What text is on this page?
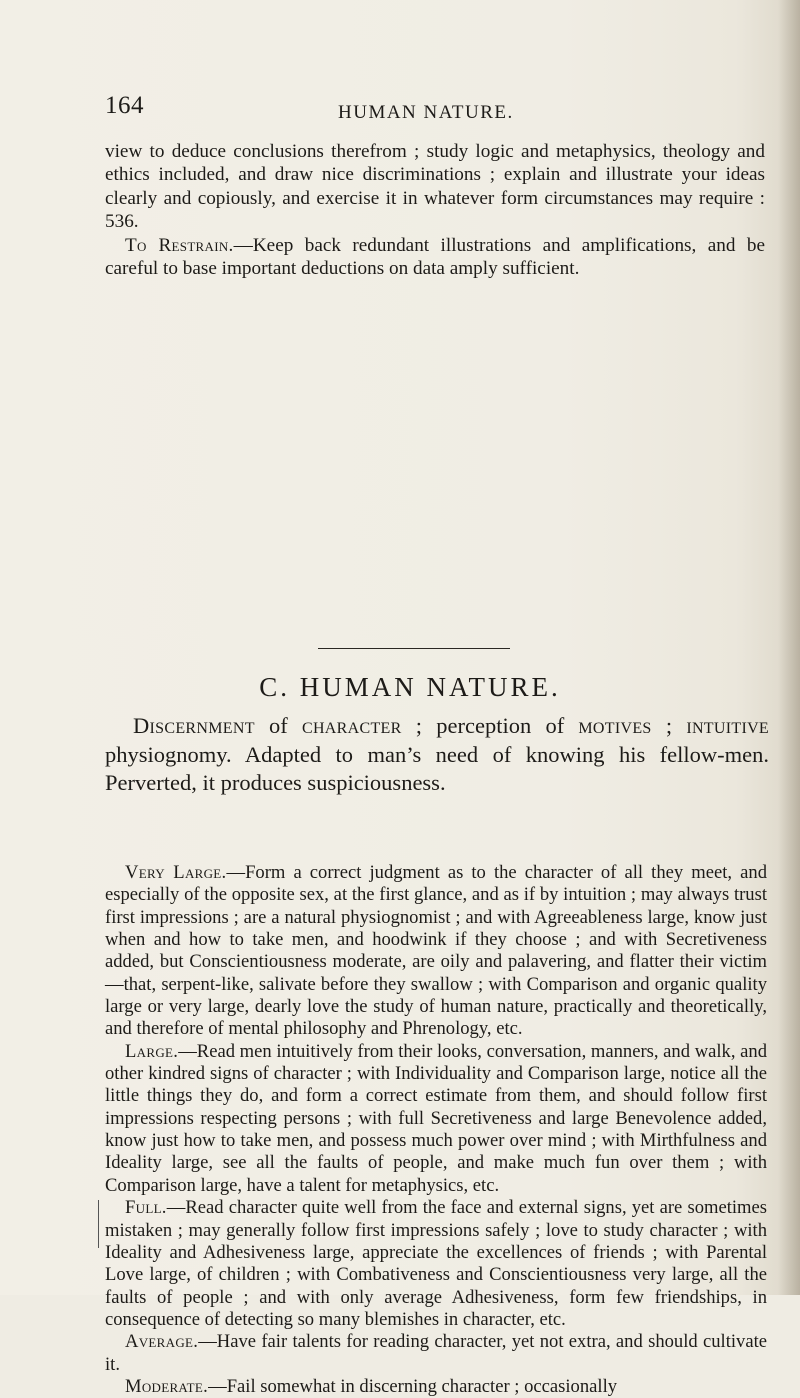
164	HUMAN NATURE.

view to deduce conclusions therefrom ; study logic and metaphysics, theology and ethics included, and draw nice discriminations ; explain and illustrate your ideas clearly and copiously, and exercise it in whatever form circumstances may require : 536.

To Restrain.—Keep back redundant illustrations and amplifications, and be careful to base important deductions on data amply sufficient.

C. HUMAN NATURE.

Discernment of character ; perception of motives ; intuitive physiognomy. Adapted to man’s need of knowing his fellow-men. Perverted, it produces suspiciousness.

Very Large.—Form a correct judgment as to the character of all they meet, and especially of the opposite sex, at the first glance, and as if by intuition ; may always trust first impressions ; are a natural physiognomist ; and with Agreeableness large, know just when and how to take men, and hoodwink if they choose ; and with Secretiveness added, but Conscientiousness moderate, are oily and palavering, and flatter their victim—that, serpent-like, salivate before they swallow ; with Comparison and organic quality large or very large, dearly love the study of human nature, practically and theoretically, and therefore of mental philosophy and Phrenology, etc.

Large.—Read men intuitively from their looks, conversation, manners, and walk, and other kindred signs of character ; with Individuality and Comparison large, notice all the little things they do, and form a correct estimate from them, and should follow first impressions respecting persons ; with full Secretiveness and large Benevolence added, know just how to take men, and possess much power over mind ; with Mirthfulness and Ideality large, see all the faults of people, and make much fun over them ; with Comparison large, have a talent for metaphysics, etc.

Full.—Read character quite well from the face and external signs, yet are sometimes mistaken ; may generally follow first impressions safely ; love to study character ; with Ideality and Adhesiveness large, appreciate the excellences of friends ; with Parental Love large, of children ; with Combativeness and Conscientiousness very large, all the faults of people ; and with only average Adhesiveness, form few friendships, in consequence of detecting so many blemishes in character, etc.

Average.—Have fair talents for reading character, yet not extra, and should cultivate it.

Moderate.—Fail somewhat in discerning character ; occasionally
